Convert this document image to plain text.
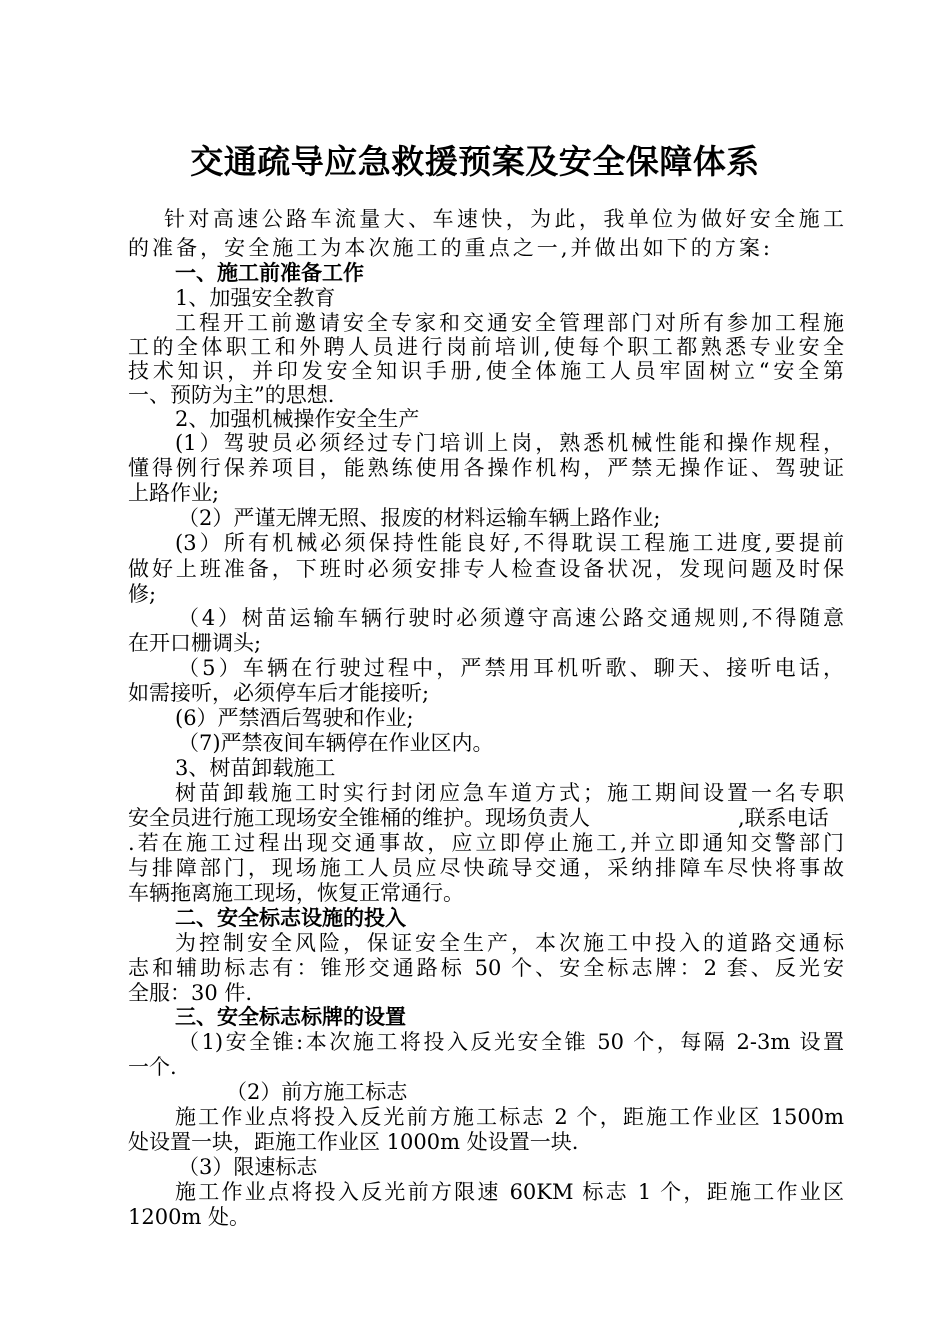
交通疏导应急救援预案及安全保障体系
针对高速公路车流量大、车速快，为此，我单位为做好安全施工
的准备，安全施工为本次施工的重点之一,并做出如下的方案:
一、施工前准备工作
1、加强安全教育
工程开工前邀请安全专家和交通安全管理部门对所有参加工程施
工的全体职工和外聘人员进行岗前培训,使每个职工都熟悉专业安全
技术知识，并印发安全知识手册,使全体施工人员牢固树立“安全第
一、预防为主”的思想.
2、加强机械操作安全生产
(1）驾驶员必须经过专门培训上岗，熟悉机械性能和操作规程，
懂得例行保养项目，能熟练使用各操作机构，严禁无操作证、驾驶证
上路作业;
（2）严谨无牌无照、报废的材料运输车辆上路作业;
(3）所有机械必须保持性能良好,不得耽误工程施工进度,要提前
做好上班准备，下班时必须安排专人检查设备状况，发现问题及时保
修;
（4）树苗运输车辆行驶时必须遵守高速公路交通规则,不得随意
在开口栅调头;
（5）车辆在行驶过程中，严禁用耳机听歌、聊天、接听电话，
如需接听，必须停车后才能接听;
(6）严禁酒后驾驶和作业;
（7)严禁夜间车辆停在作业区内。
3、树苗卸载施工
树苗卸载施工时实行封闭应急车道方式；施工期间设置一名专职
安全员进行施工现场安全锥桶的维护。现场负责人	,联系电话
.若在施工过程出现交通事故，应立即停止施工,并立即通知交警部门
与排障部门，现场施工人员应尽快疏导交通，采纳排障车尽快将事故
车辆拖离施工现场，恢复正常通行。
二、安全标志设施的投入
为控制安全风险，保证安全生产，本次施工中投入的道路交通标
志和辅助标志有：锥形交通路标 50 个、安全标志牌：2 套、反光安
全服：30 件.
三、安全标志标牌的设置
（1)安全锥:本次施工将投入反光安全锥 50 个，每隔 2-3m 设置
一个.
（2）前方施工标志
施工作业点将投入反光前方施工标志 2 个，距施工作业区 1500m
处设置一块，距施工作业区 1000m 处设置一块.
（3）限速标志
施工作业点将投入反光前方限速 60KM 标志 1 个，距施工作业区
1200m 处。
